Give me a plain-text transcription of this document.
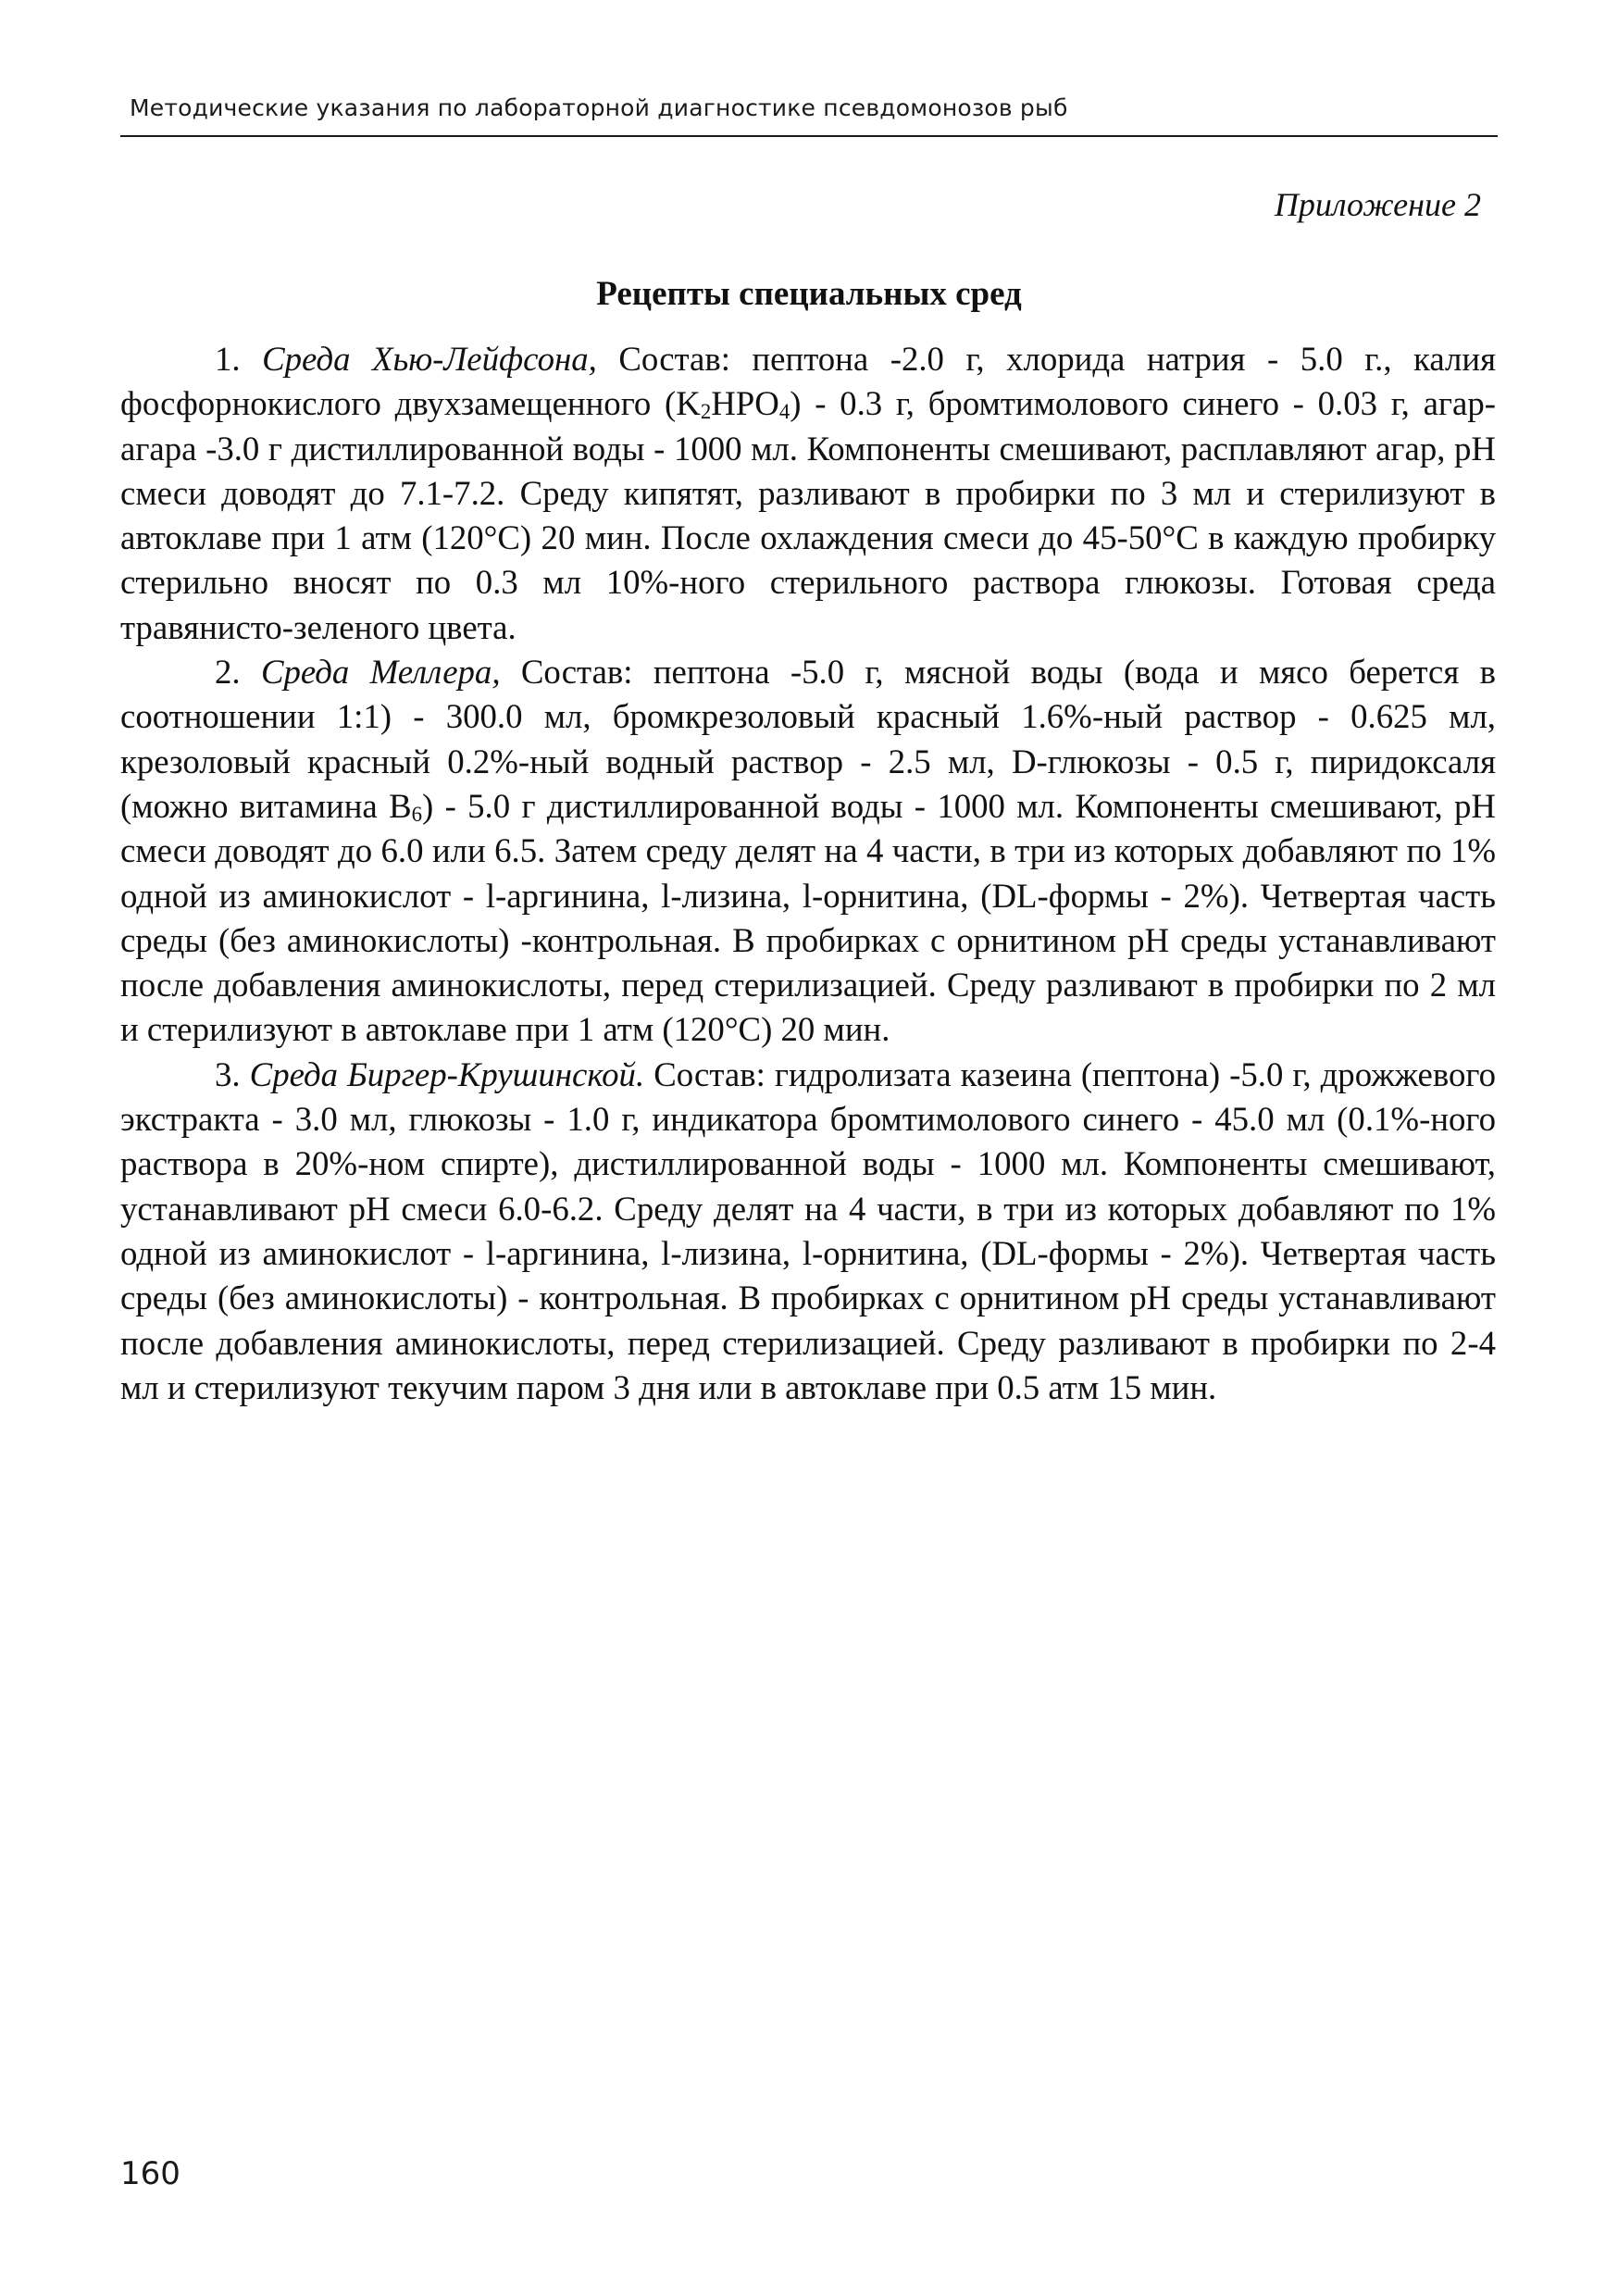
Методические указания по лабораторной диагностике псевдомонозов рыб
Приложение 2
Рецепты специальных сред

1. Среда Хью-Лейфсона, Состав: пептона -2.0 г, хлорида натрия - 5.0 г., калия фосфорнокислого двухзамещенного (K2HPO4) - 0.3 г, бромтимолового синего - 0.03 г, агар-агара -3.0 г дистиллированной воды - 1000 мл. Компоненты смешивают, расплавляют агар, pH смеси доводят до 7.1-7.2. Среду кипятят, разливают в пробирки по 3 мл и стерилизуют в автоклаве при 1 атм (120°C) 20 мин. После охлаждения смеси до 45-50°C в каждую пробирку стерильно вносят по 0.3 мл 10%-ного стерильного раствора глюкозы. Готовая среда травянисто-зеленого цвета.

2. Среда Меллера, Состав: пептона -5.0 г, мясной воды (вода и мясо берется в соотношении 1:1) - 300.0 мл, бромкрезоловый красный 1.6%-ный раствор - 0.625 мл, крезоловый красный 0.2%-ный водный раствор - 2.5 мл, D-глюкозы - 0.5 г, пиридоксаля (можно витамина B6) - 5.0 г дистиллированной воды - 1000 мл. Компоненты смешивают, pH смеси доводят до 6.0 или 6.5. Затем среду делят на 4 части, в три из которых добавляют по 1% одной из аминокислот - l-аргинина, l-лизина, l-орнитина, (DL-формы - 2%). Четвертая часть среды (без аминокислоты) -контрольная. В пробирках с орнитином pH среды устанавливают после добавления аминокислоты, перед стерилизацией. Среду разливают в пробирки по 2 мл и стерилизуют в автоклаве при 1 атм (120°C) 20 мин.

3. Среда Биргер-Крушинской. Состав: гидролизата казеина (пептона) -5.0 г, дрожжевого экстракта - 3.0 мл, глюкозы - 1.0 г, индикатора бромтимолового синего - 45.0 мл (0.1%-ного раствора в 20%-ном спирте), дистиллированной воды - 1000 мл. Компоненты смешивают, устанавливают pH смеси 6.0-6.2. Среду делят на 4 части, в три из которых добавляют по 1% одной из аминокислот - l-аргинина, l-лизина, l-орнитина, (DL-формы - 2%). Четвертая часть среды (без аминокислоты) - контрольная. В пробирках с орнитином pH среды устанавливают после добавления аминокислоты, перед стерилизацией. Среду разливают в пробирки по 2-4 мл и стерилизуют текучим паром 3 дня или в автоклаве при 0.5 атм 15 мин.

160
